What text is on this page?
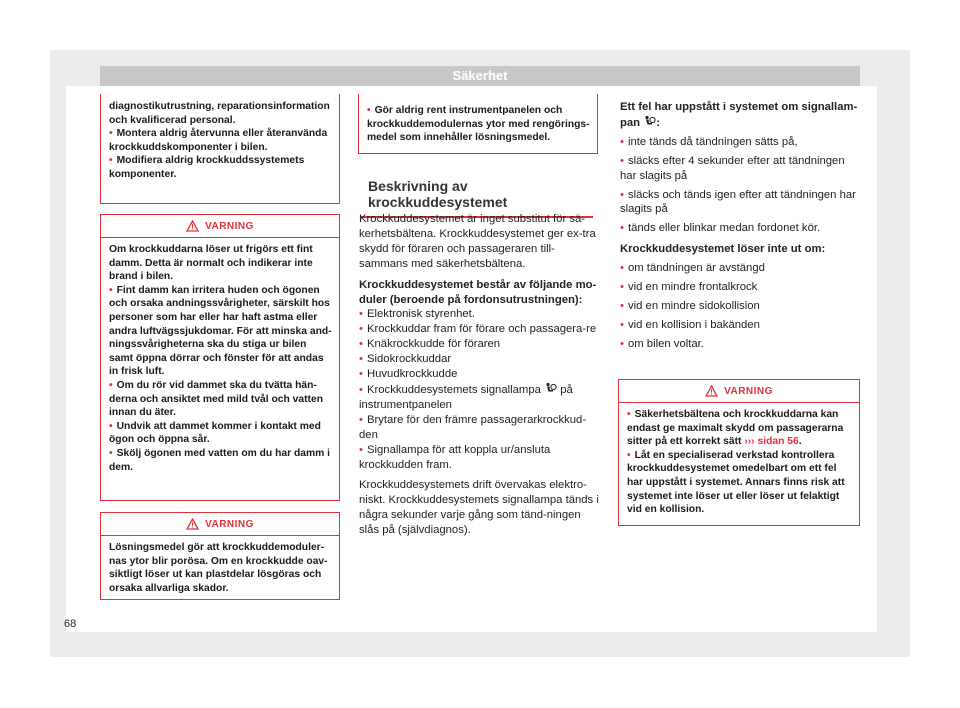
Säkerhet

diagnostikutrustning, reparationsinformation och kvalificerad personal.

• Montera aldrig återvunna eller återanvända krockkuddskomponenter i bilen.

• Modifiera aldrig krockkuddssystemets komponenter.

VARNING

Om krockkuddarna löser ut frigörs ett fint damm. Detta är normalt och indikerar inte brand i bilen.

• Fint damm kan irritera huden och ögonen och orsaka andningssvårigheter, särskilt hos personer som har eller har haft astma eller andra luftvägssjukdomar. För att minska and-ningssvårigheterna ska du stiga ur bilen samt öppna dörrar och fönster för att andas in frisk luft.

• Om du rör vid dammet ska du tvätta hän-derna och ansiktet med mild tvål och vatten innan du äter.

• Undvik att dammet kommer i kontakt med ögon och öppna sår.

• Skölj ögonen med vatten om du har damm i dem.

VARNING

Lösningsmedel gör att krockkuddemoduler-nas ytor blir porösa. Om en krockkudde oav-siktligt löser ut kan plastdelar lösgöras och orsaka allvarliga skador.

• Gör aldrig rent instrumentpanelen och krockkuddemodulernas ytor med rengörings-medel som innehåller lösningsmedel.

Beskrivning av krockkuddesystemet

Krockkuddesystemet är inget substitut för sä-kerhetsbältena. Krockkuddesystemet ger ex-tra skydd för föraren och passageraren till-sammans med säkerhetsbältena.

Krockkuddesystemet består av följande mo-duler (beroende på fordonsutrustningen):

• Elektronisk styrenhet.

• Krockkuddar fram för förare och passagera-re

• Knäkrockkudde för föraren

• Sidokrockkuddar

• Huvudkrockkudde

• Krockkuddesystemets signallampa på instrumentpanelen

• Brytare för den främre passagerarkrockkud-den

• Signallampa för att koppla ur/ansluta krockkudden fram.

Krockkuddesystemets drift övervakas elektro-niskt. Krockkuddesystemets signallampa tänds i några sekunder varje gång som tänd-ningen slås på (självdiagnos).

Ett fel har uppstått i systemet om signallam-pan :

• inte tänds då tändningen sätts på,

• släcks efter 4 sekunder efter att tändningen har slagits på

• släcks och tänds igen efter att tändningen har slagits på

• tänds eller blinkar medan fordonet kör.

Krockkuddesystemet löser inte ut om:

• om tändningen är avstängd

• vid en mindre frontalkrock

• vid en mindre sidokollision

• vid en kollision i bakänden

• om bilen voltar.

VARNING

• Säkerhetsbältena och krockkuddarna kan endast ge maximalt skydd om passagerarna sitter på ett korrekt sätt ››› sidan 56.

• Låt en specialiserad verkstad kontrollera krockkuddesystemet omedelbart om ett fel har uppstått i systemet. Annars finns risk att systemet inte löser ut eller löser ut felaktigt vid en kollision.

68
